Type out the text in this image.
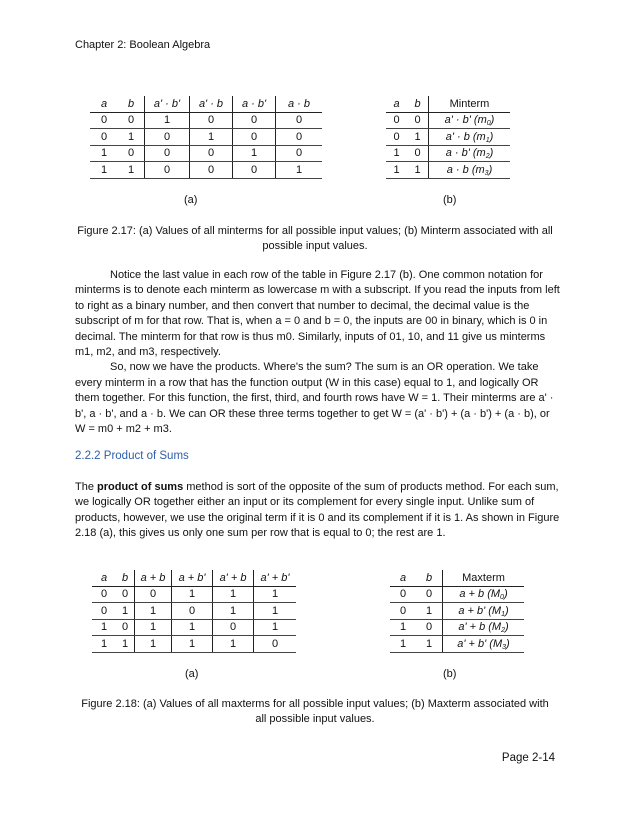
Chapter 2: Boolean Algebra
a	b	a' · b'	a' · b	a · b'	a · b
0	0	1	0	0	0
0	1	0	1	0	0
1	0	0	0	1	0
1	1	0	0	0	1
a	b	Minterm
0	0	a' · b' (m0)
0	1	a' · b (m1)
1	0	a · b' (m2)
1	1	a · b (m3)
(a)	(b)
Figure 2.17: (a) Values of all minterms for all possible input values; (b) Minterm associated with all possible input values.

Notice the last value in each row of the table in Figure 2.17 (b). One common notation for minterms is to denote each minterm as lowercase m with a subscript. If you read the inputs from left to right as a binary number, and then convert that number to decimal, the decimal value is the subscript of m for that row. That is, when a = 0 and b = 0, the inputs are 00 in binary, which is 0 in decimal. The minterm for that row is thus m0. Similarly, inputs of 01, 10, and 11 give us minterms m1, m2, and m3, respectively.

So, now we have the products. Where's the sum? The sum is an OR operation. We take every minterm in a row that has the function output (W in this case) equal to 1, and logically OR them together. For this function, the first, third, and fourth rows have W = 1. Their minterms are a' · b', a · b', and a · b. We can OR these three terms together to get W = (a' · b') + (a · b') + (a · b), or W = m0 + m2 + m3.

2.2.2 Product of Sums

The product of sums method is sort of the opposite of the sum of products method. For each sum, we logically OR together either an input or its complement for every single input. Unlike sum of products, however, we use the original term if it is 0 and its complement if it is 1. As shown in Figure 2.18 (a), this gives us only one sum per row that is equal to 0; the rest are 1.

a	b	a + b	a + b'	a' + b	a' + b'
0	0	0	1	1	1
0	1	1	0	1	1
1	0	1	1	0	1
1	1	1	1	1	0
a	b	Maxterm
0	0	a + b (M0)
0	1	a + b' (M1)
1	0	a' + b (M2)
1	1	a' + b' (M3)
(a)	(b)
Figure 2.18: (a) Values of all maxterms for all possible input values; (b) Maxterm associated with all possible input values.
Page 2-14
